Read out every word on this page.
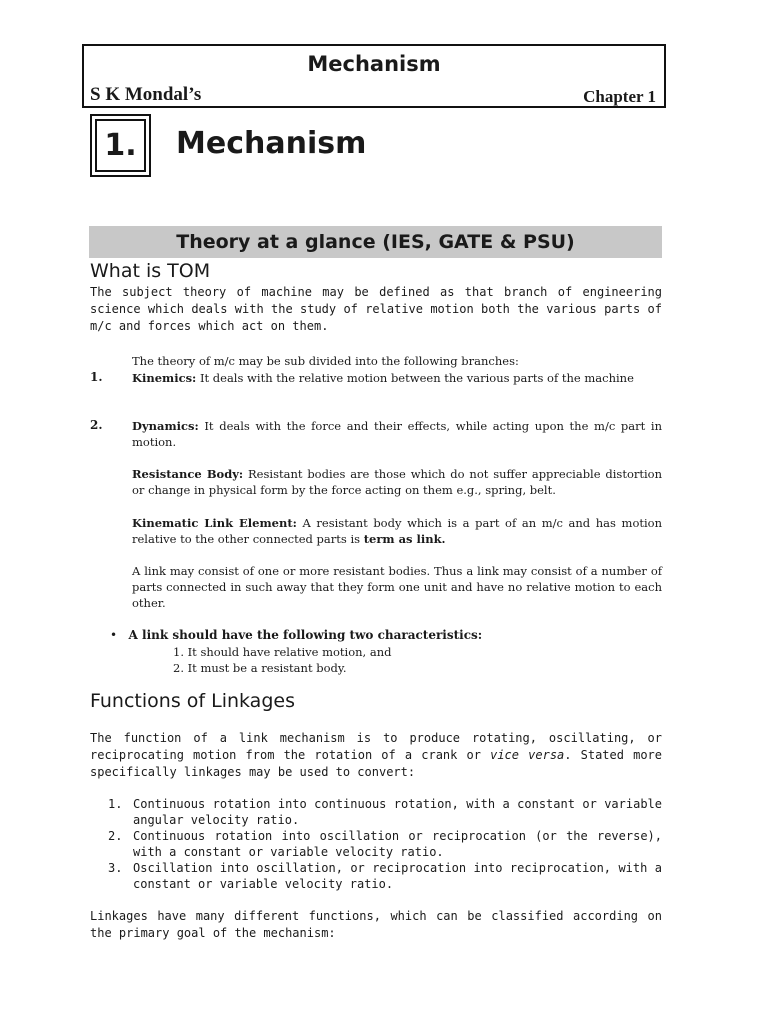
Mechanism
S K Mondal’s	Chapter 1
1.	Mechanism
Theory at a glance (IES, GATE & PSU)
What is TOM

The subject theory of machine may be defined as that branch of engineering science which deals with the study of relative motion both the various parts of m/c and forces which act on them.

The theory of m/c may be sub divided into the following branches:

1.	Kinemics: It deals with the relative motion between the various parts of the machine

2.	Dynamics: It deals with the force and their effects, while acting upon the m/c part in motion.

Resistance Body: Resistant bodies are those which do not suffer appreciable distortion or change in physical form by the force acting on them e.g., spring, belt.

Kinematic Link Element: A resistant body which is a part of an m/c and has motion relative to the other connected parts is term as link.

A link may consist of one or more resistant bodies. Thus a link may consist of a number of parts connected in such away that they form one unit and have no relative motion to each other.

•   A link should have the following two characteristics:
1. It should have relative motion, and
2. It must be a resistant body.
Functions of Linkages

The function of a link mechanism is to produce rotating, oscillating, or reciprocating motion from the rotation of a crank or vice versa. Stated more specifically linkages may be used to convert:

1. Continuous rotation into continuous rotation, with a constant or variable angular velocity ratio.
2. Continuous rotation into oscillation or reciprocation (or the reverse), with a constant or variable velocity ratio.
3. Oscillation into oscillation, or reciprocation into reciprocation, with a constant or variable velocity ratio.

Linkages have many different functions, which can be classified according on the primary goal of the mechanism:
